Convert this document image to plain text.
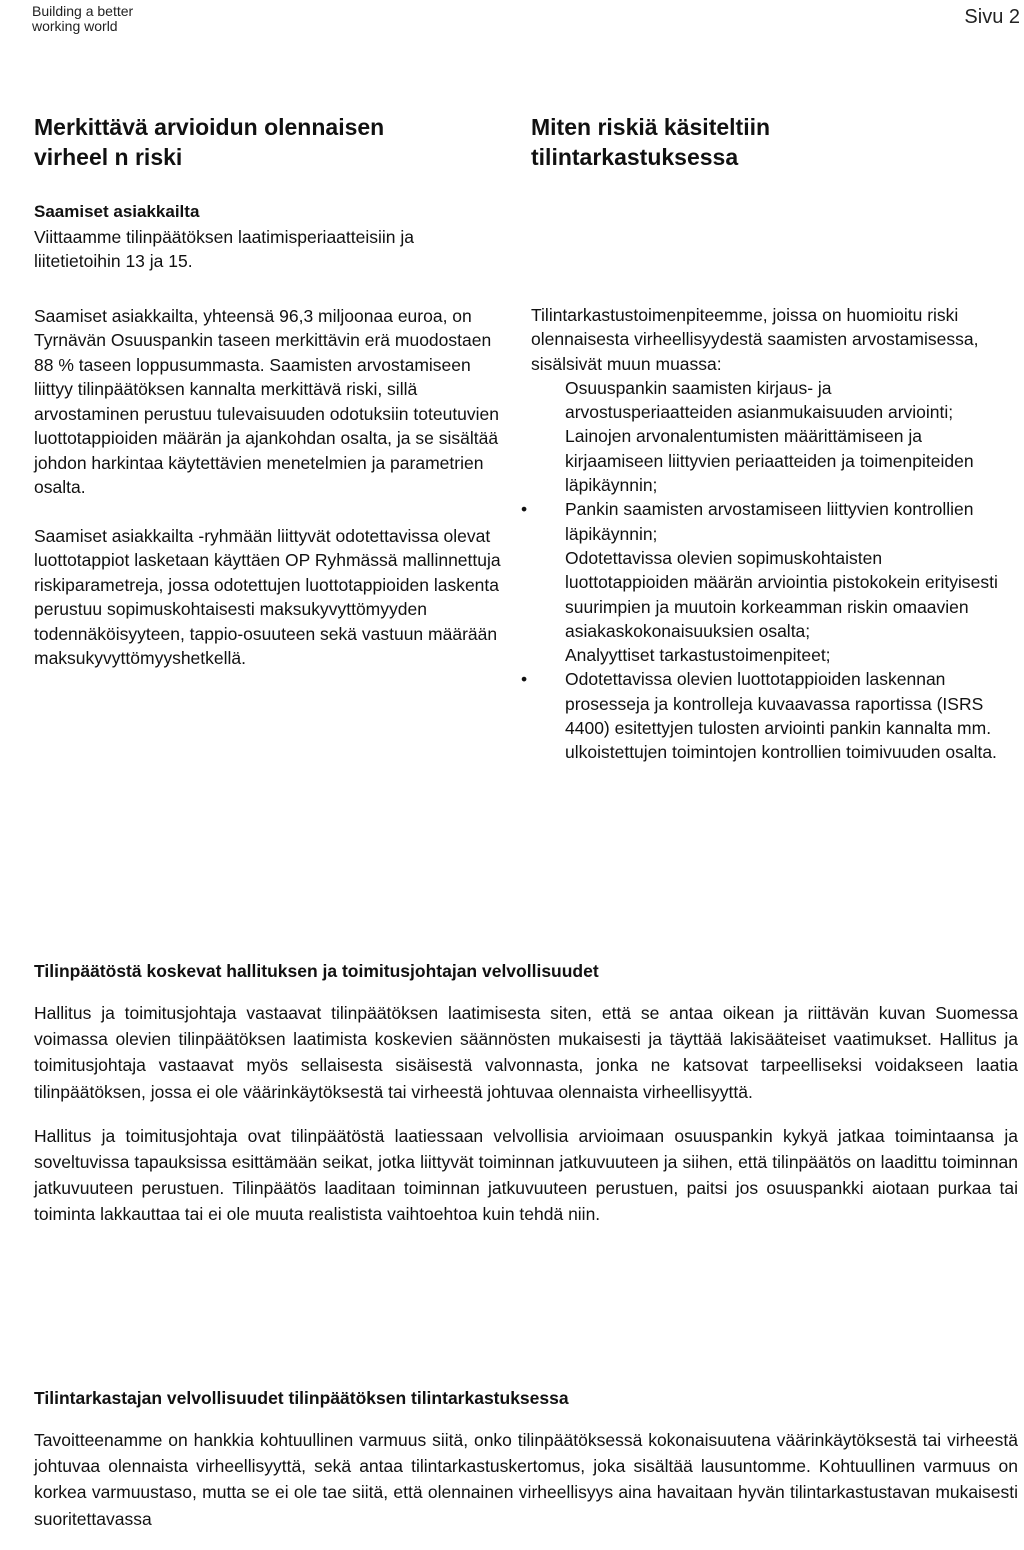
Building a better
working world	Sivu 2
Merkittävä arvioidun olennaisen
virheel n riski
Miten riskiä käsiteltiin
tilintarkastuksessa

Saamiset asiakkailta

Viittaamme tilinpäätöksen laatimisperiaatteisiin ja liitetietoihin 13 ja 15.

Saamiset asiakkailta, yhteensä 96,3 miljoonaa euroa, on Tyrnävän Osuuspankin taseen merkittävin erä muodostaen 88 % taseen loppusummasta. Saamisten arvostamiseen liittyy tilinpäätöksen kannalta merkittävä riski, sillä arvostaminen perustuu tulevaisuuden odotuksiin toteutuvien luottotappioiden määrän ja ajankohdan osalta, ja se sisältää johdon harkintaa käytettävien menetelmien ja parametrien osalta.

Saamiset asiakkailta -ryhmään liittyvät odotettavissa olevat luottotappiot lasketaan käyttäen OP Ryhmässä mallinnettuja riskiparametreja, jossa odotettujen luottotappioiden laskenta perustuu sopimuskohtaisesti maksukyvyttömyyden todennäköisyyteen, tappio-osuuteen sekä vastuun määrään maksukyvyttömyyshetkellä.

Tilintarkastustoimenpiteemme, joissa on huomioitu riski olennaisesta virheellisyydestä saamisten arvostamisessa, sisälsivät muun muassa:

Osuuspankin saamisten kirjaus- ja arvostusperiaatteiden asianmukaisuuden arviointi;
Lainojen arvonalentumisten määrittämiseen ja kirjaamiseen liittyvien periaatteiden ja toimenpiteiden läpikäynnin;
• Pankin saamisten arvostamiseen liittyvien kontrollien läpikäynnin;
Odotettavissa olevien sopimuskohtaisten luottotappioiden määrän arviointia pistokokein erityisesti suurimpien ja muutoin korkeamman riskin omaavien asiakaskokonaisuuksien osalta;
Analyyttiset tarkastustoimenpiteet;
• Odotettavissa olevien luottotappioiden laskennan prosesseja ja kontrolleja kuvaavassa raportissa (ISRS 4400) esitettyjen tulosten arviointi pankin kannalta mm. ulkoistettujen toimintojen kontrollien toimivuuden osalta.
Tilinpäätöstä koskevat hallituksen ja toimitusjohtajan velvollisuudet

Hallitus ja toimitusjohtaja vastaavat tilinpäätöksen laatimisesta siten, että se antaa oikean ja riittävän kuvan Suomessa voimassa olevien tilinpäätöksen laatimista koskevien säännösten mukaisesti ja täyttää lakisääteiset vaatimukset. Hallitus ja toimitusjohtaja vastaavat myös sellaisesta sisäisestä valvonnasta, jonka ne katsovat tarpeelliseksi voidakseen laatia tilinpäätöksen, jossa ei ole väärinkäytöksestä tai virheestä johtuvaa olennaista virheellisyyttä.

Hallitus ja toimitusjohtaja ovat tilinpäätöstä laatiessaan velvollisia arvioimaan osuuspankin kykyä jatkaa toimintaansa ja soveltuvissa tapauksissa esittämään seikat, jotka liittyvät toiminnan jatkuvuuteen ja siihen, että tilinpäätös on laadittu toiminnan jatkuvuuteen perustuen. Tilinpäätös laaditaan toiminnan jatkuvuuteen perustuen, paitsi jos osuuspankki aiotaan purkaa tai toiminta lakkauttaa tai ei ole muuta realistista vaihtoehtoa kuin tehdä niin.

Tilintarkastajan velvollisuudet tilinpäätöksen tilintarkastuksessa

Tavoitteenamme on hankkia kohtuullinen varmuus siitä, onko tilinpäätöksessä kokonaisuutena väärinkäytöksestä tai virheestä johtuvaa olennaista virheellisyyttä, sekä antaa tilintarkastuskertomus, joka sisältää lausuntomme. Kohtuullinen varmuus on korkea varmuustaso, mutta se ei ole tae siitä, että olennainen virheellisyys aina havaitaan hyvän tilintarkastustavan mukaisesti suoritettavassa
